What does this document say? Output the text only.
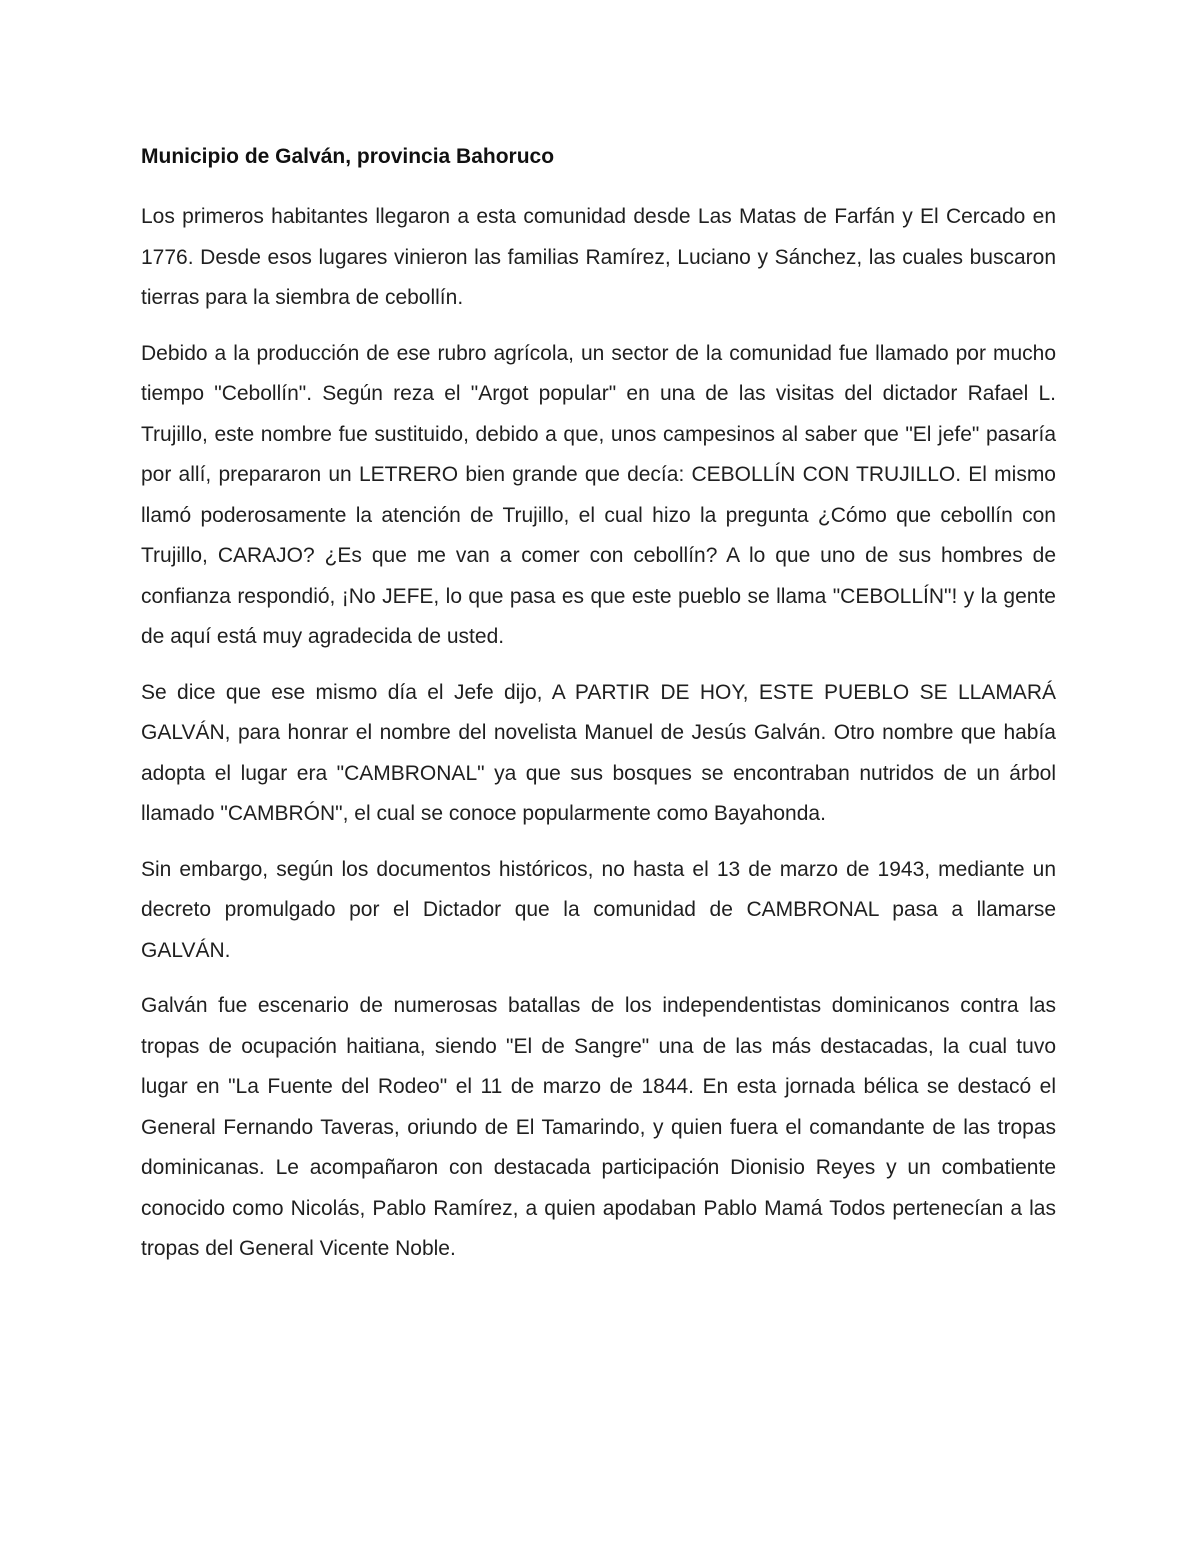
Municipio de Galván, provincia Bahoruco

Los primeros habitantes llegaron a esta comunidad desde Las Matas de Farfán y El Cercado en 1776. Desde esos lugares vinieron las familias Ramírez, Luciano y Sánchez, las cuales buscaron tierras para la siembra de cebollín.

Debido a la producción de ese rubro agrícola, un sector de la comunidad fue llamado por mucho tiempo "Cebollín". Según reza el "Argot popular" en una de las visitas del dictador Rafael L. Trujillo, este nombre fue sustituido, debido a que, unos campesinos al saber que "El jefe" pasaría por allí, prepararon un LETRERO bien grande que decía: CEBOLLÍN CON TRUJILLO. El mismo llamó poderosamente la atención de Trujillo, el cual hizo la pregunta ¿Cómo que cebollín con Trujillo, CARAJO? ¿Es que me van a comer con cebollín? A lo que uno de sus hombres de confianza respondió, ¡No JEFE, lo que pasa es que este pueblo se llama "CEBOLLÍN"! y la gente de aquí está muy agradecida de usted.

Se dice que ese mismo día el Jefe dijo, A PARTIR DE HOY, ESTE PUEBLO SE LLAMARÁ GALVÁN, para honrar el nombre del novelista Manuel de Jesús Galván. Otro nombre que había adopta el lugar era "CAMBRONAL" ya que sus bosques se encontraban nutridos de un árbol llamado "CAMBRÓN", el cual se conoce popularmente como Bayahonda.

Sin embargo, según los documentos históricos, no hasta el 13 de marzo de 1943, mediante un decreto promulgado por el Dictador que la comunidad de CAMBRONAL pasa a llamarse GALVÁN.

Galván fue escenario de numerosas batallas de los independentistas dominicanos contra las tropas de ocupación haitiana, siendo "El de Sangre" una de las más destacadas, la cual tuvo lugar en "La Fuente del Rodeo" el 11 de marzo de 1844. En esta jornada bélica se destacó el General Fernando Taveras, oriundo de El Tamarindo, y quien fuera el comandante de las tropas dominicanas. Le acompañaron con destacada participación Dionisio Reyes y un combatiente conocido como Nicolás, Pablo Ramírez, a quien apodaban Pablo Mamá Todos pertenecían a las tropas del General Vicente Noble.
